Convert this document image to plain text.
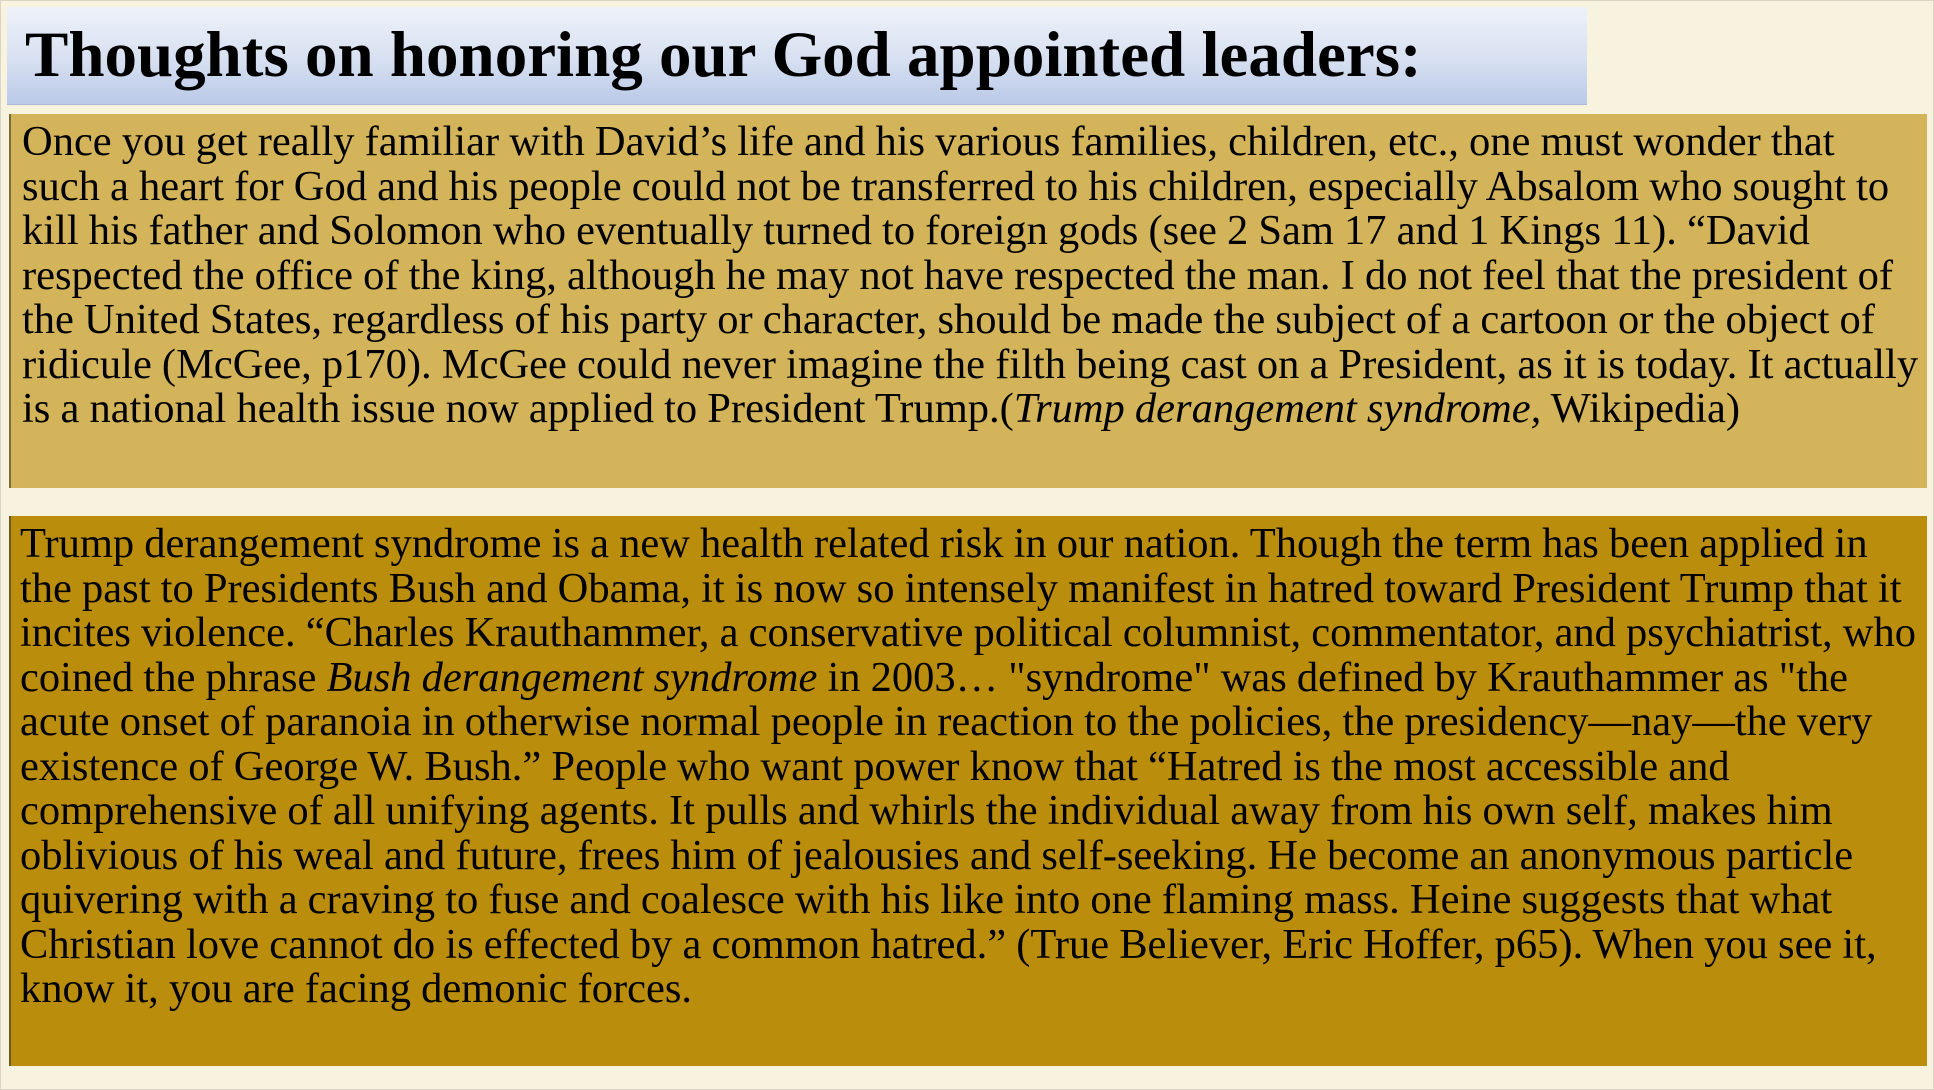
Thoughts on honoring our God appointed leaders:

Once you get really familiar with David’s life and his various families, children, etc., one must wonder that such a heart for God and his people could not be transferred to his children, especially Absalom who sought to kill his father and Solomon who eventually turned to foreign gods (see 2 Sam 17 and 1 Kings 11). “David respected the office of the king, although he may not have respected the man. I do not feel that the president of the United States, regardless of his party or character, should be made the subject of a cartoon or the object of ridicule (McGee, p170). McGee could never imagine the filth being cast on a President, as it is today. It actually is a national health issue now applied to President Trump.(Trump derangement syndrome, Wikipedia)

Trump derangement syndrome is a new health related risk in our nation. Though the term has been applied in the past to Presidents Bush and Obama, it is now so intensely manifest in hatred toward President Trump that it incites violence. “Charles Krauthammer, a conservative political columnist, commentator, and psychiatrist, who coined the phrase Bush derangement syndrome in 2003… "syndrome" was defined by Krauthammer as "the acute onset of paranoia in otherwise normal people in reaction to the policies, the presidency—nay—the very existence of George W. Bush.” People who want power know that “Hatred is the most accessible and comprehensive of all unifying agents. It pulls and whirls the individual away from his own self, makes him oblivious of his weal and future, frees him of jealousies and self-seeking. He become an anonymous particle quivering with a craving to fuse and coalesce with his like into one flaming mass. Heine suggests that what Christian love cannot do is effected by a common hatred.” (True Believer, Eric Hoffer, p65). When you see it, know it, you are facing demonic forces.
